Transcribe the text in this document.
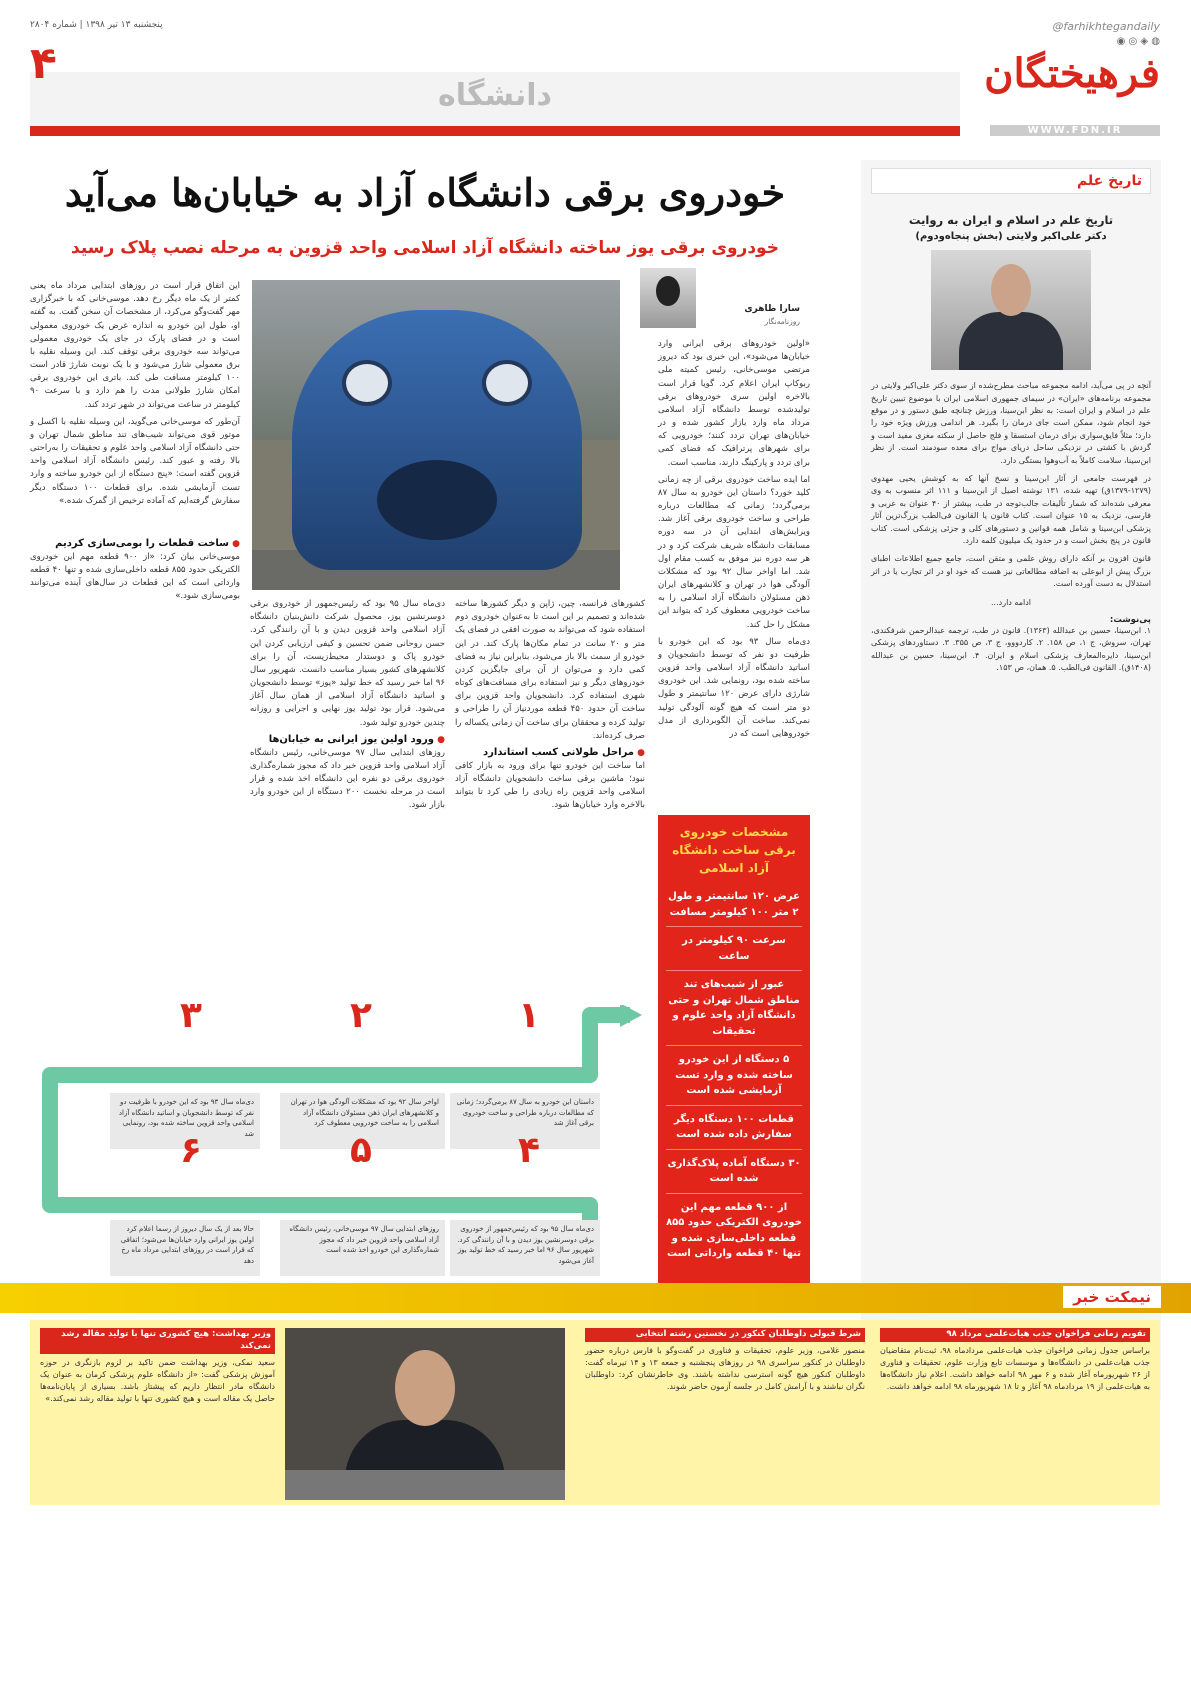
@farhikhtegandaily
◉ ◎ ◈ ◍
فرهیختگان
WWW.FDN.IR
دانشگاه
پنجشنبه ۱۳ تیر ۱۳۹۸ | شماره ۲۸۰۴
۴
تاریخ علم
تاریخ علم در اسلام و ایران به روایت
دکتر علی‌اکبر ولایتی (بخش پنجاه‌ودوم)

آنچه در پی می‌آید، ادامه مجموعه مباحث مطرح‌شده از سوی دکتر علی‌اکبر ولایتی در مجموعه برنامه‌های «ایران» در سیمای جمهوری اسلامی ایران با موضوع تبیین تاریخ علم در اسلام و ایران است: به نظر ابن‌سینا، ورزش چنانچه طبق دستور و در موقع خود انجام شود، ممکن است جای درمان را بگیرد. هر اندامی ورزش ویژه خود را دارد؛ مثلاً فایق‌سواری برای درمان استسقا و فلج حاصل از سکته مغزی مفید است و گردش با کشتی در نزدیکی ساحل دریای مواج برای معده سودمند است. از نظر ابن‌سینا، سلامت کاملاً به آب‌وهوا بستگی دارد.

در فهرست جامعی از آثار ابن‌سینا و نسخ آنها که به کوشش یحیی مهدوی (۱۲۷۹-۱۳۷۹ق) تهیه شده، ۱۳۱ نوشته اصیل از ابن‌سینا و ۱۱۱ اثر منسوب به وی معرفی شده‌اند که شمار تألیفات جالب‌توجه در طب، بیشتر از ۴۰ عنوان به عربی و فارسی، نزدیک به ۱۵ عنوان است. کتاب قانون یا القانون فی‌الطب بزرگ‌ترین آثار پزشکی ابن‌سینا و شامل همه قوانین و دستورهای کلی و جزئی پزشکی است. کتاب قانون در پنج بخش است و در حدود یک میلیون کلمه دارد.

قانون افزون بر آنکه دارای روش علمی و متقن است، جامع جمیع اطلاعات اطبای بزرگ پیش از ابوعلی به اضافه مطالعاتی نیز هست که خود او در اثر تجارب یا در اثر استدلال به دست آورده است.

ادامه دارد...

پی‌نوشت:

۱. ابن‌سینا، حسین بن عبدالله (۱۳۶۳). قانون در طب، ترجمه عبدالرحمن شرفکندی، تهران، سروش، ج ۱، ص ۱۵۸. ۲. کاردووو، ج ۳، ص ۳۵۵. ۳. دستاوردهای پزشکی ابن‌سینا، دایره‌المعارف پزشکی اسلام و ایران. ۴. ابن‌سینا، حسین بن عبدالله (۱۴۰۸ق). القانون فی‌الطب. ۵. همان، ص ۱۵۳.

خودروی برقی دانشگاه آزاد به خیابان‌ها می‌آید
خودروی برقی یوز ساخته دانشگاه آزاد اسلامی واحد قزوین به مرحله نصب پلاک رسید
سارا طاهری
روزنامه‌نگار

«اولین خودروهای برقی ایرانی وارد خیابان‌ها می‌شود»، این خبری بود که دیروز مرتضی موسی‌خانی، رئیس کمیته ملی ربوکاپ ایران اعلام کرد. گویا قرار است بالاخره اولین سری خودروهای برقی تولیدشده توسط دانشگاه آزاد اسلامی مرداد ماه وارد بازار کشور شده و در خیابان‌های تهران تردد کنند؛ خودرویی که برای شهرهای پرترافیک که فضای کمی برای تردد و پارکینگ دارند، مناسب است.

اما ایده ساخت خودروی برقی از چه زمانی کلید خورد؟ داستان این خودرو به سال ۸۷ برمی‌گردد؛ زمانی که مطالعات درباره طراحی و ساخت خودروی برقی آغاز شد. ویرایش‌های ابتدایی آن در سه دوره مسابقات دانشگاه شریف شرکت کرد و در هر سه دوره نیز موفق به کسب مقام اول شد. اما اواخر سال ۹۲ بود که مشکلات آلودگی هوا در تهران و کلانشهرهای ایران ذهن مسئولان دانشگاه آزاد اسلامی را به ساخت خودرویی معطوف کرد که بتواند این مشکل را حل کند.

دی‌ماه سال ۹۳ بود که این خودرو با ظرفیت دو نفر که توسط دانشجویان و اساتید دانشگاه آزاد اسلامی واحد قزوین ساخته شده بود، رونمایی شد. این خودروی شارژی دارای عرض ۱۲۰ سانتیمتر و طول دو متر است که هیچ گونه آلودگی تولید نمی‌کند. ساخت آن الگوبرداری از مدل خودروهایی است که در

کشورهای فرانسه، چین، ژاپن و دیگر کشورها ساخته شده‌اند و تصمیم بر این است تا به‌عنوان خودروی دوم استفاده شود که می‌تواند به صورت افقی در فضای یک متر و ۲۰ سانت در تمام مکان‌ها پارک کند. در این خودرو از سمت بالا باز می‌شود، بنابراین نیاز به فضای کمی دارد و می‌توان از آن برای جایگزین کردن خودروهای دیگر و نیز استفاده برای مسافت‌های کوتاه شهری استفاده کرد. دانشجویان واحد قزوین برای ساخت آن حدود ۴۵۰ قطعه موردنیاز آن را طراحی و تولید کرده و محققان برای ساخت آن زمانی یکساله را صرف کرده‌اند.

● مراحل طولانی کسب استاندارد

اما ساخت این خودرو تنها برای ورود به بازار کافی نبود؛ ماشین برقی ساخت دانشجویان دانشگاه آزاد اسلامی واحد قزوین راه زیادی را طی کرد تا بتواند بالاخره وارد خیابان‌ها شود.

دی‌ماه سال ۹۵ بود که رئیس‌جمهور از خودروی برقی دوسرنشین یوز، محصول شرکت دانش‌بنیان دانشگاه آزاد اسلامی واحد قزوین دیدن و با آن رانندگی کرد. حسن روحانی ضمن تحسین و کیفی ارزیابی کردن این خودرو پاک و دوستدار محیط‌زیست، آن را برای کلانشهرهای کشور بسیار مناسب دانست. شهریور سال ۹۶ اما خبر رسید که خط تولید «یوز» توسط دانشجویان و اساتید دانشگاه آزاد اسلامی از همان سال آغاز می‌شود. قرار بود تولید یوز نهایی و اجرایی و روزانه چندین خودرو تولید شود.

● ورود اولین یوز ایرانی به خیابان‌ها

روزهای ابتدایی سال ۹۷ موسی‌خانی، رئیس دانشگاه آزاد اسلامی واحد قزوین خبر داد که مجوز شماره‌گذاری خودروی برقی دو نفره این دانشگاه اخذ شده و قرار است در مرحله نخست ۲۰۰ دستگاه از این خودرو وارد بازار شود.

این اتفاق قرار است در روزهای ابتدایی مرداد ماه یعنی کمتر از یک ماه دیگر رخ دهد. موسی‌خانی که با خبرگزاری مهر گفت‌وگو می‌کرد، از مشخصات آن سخن گفت. به گفته او، طول این خودرو به اندازه عرض یک خودروی معمولی است و در فضای پارک در جای یک خودروی معمولی می‌تواند سه خودروی برقی توقف کند. این وسیله نقلیه با برق معمولی شارژ می‌شود و با یک نوبت شارژ قادر است ۱۰۰ کیلومتر مسافت طی کند. باتری این خودروی برقی امکان شارژ طولانی مدت را هم دارد و با سرعت ۹۰ کیلومتر در ساعت می‌تواند در شهر تردد کند.

آن‌طور که موسی‌خانی می‌گوید، این وسیله نقلیه با اکسل و موتور قوی می‌تواند شیب‌های تند مناطق شمال تهران و حتی دانشگاه آزاد اسلامی واحد علوم و تحقیقات را به‌راحتی بالا رفته و عبور کند. رئیس دانشگاه آزاد اسلامی واحد قزوین گفته است: «پنج دستگاه از این خودرو ساخته و وارد تست آزمایشی شده. برای قطعات ۱۰۰ دستگاه دیگر سفارش گرفته‌ایم که آماده ترخیص از گمرک شده.»

● ساخت قطعات را بومی‌سازی کردیم

موسی‌خانی بیان کرد: «از ۹۰۰ قطعه مهم این خودروی الکتریکی حدود ۸۵۵ قطعه داخلی‌سازی شده و تنها ۴۰ قطعه وارداتی است که این قطعات در سال‌های آینده می‌توانند بومی‌سازی شود.»

مشخصات خودروی برقی ساخت دانشگاه آزاد اسلامی
عرض ۱۲۰ سانتیمتر و طول ۲ متر ۱۰۰ کیلومتر مسافت
سرعت ۹۰ کیلومتر در ساعت
عبور از شیب‌های تند مناطق شمال تهران و حتی دانشگاه آزاد واحد علوم و تحقیقات
۵ دستگاه از این خودرو ساخته شده و وارد تست آزمایشی شده است
قطعات ۱۰۰ دستگاه دیگر سفارش داده شده است
۳۰ دستگاه آماده پلاک‌گذاری شده است
از ۹۰۰ قطعه مهم این خودروی الکتریکی حدود ۸۵۵ قطعه داخلی‌سازی شده و تنها ۴۰ قطعه وارداتی است
۱
۲
۳
داستان این خودرو به سال ۸۷ برمی‌گردد؛ زمانی که مطالعات درباره طراحی و ساخت خودروی برقی آغاز شد
اواخر سال ۹۲ بود که مشکلات آلودگی هوا در تهران و کلانشهرهای ایران ذهن مسئولان دانشگاه آزاد اسلامی را به ساخت خودرویی معطوف کرد
دی‌ماه سال ۹۳ بود که این خودرو با ظرفیت دو نفر که توسط دانشجویان و اساتید دانشگاه آزاد اسلامی واحد قزوین ساخته شده بود، رونمایی شد
◀◀
◀◀
۴
۵
۶
▶▶
▶▶
دی‌ماه سال ۹۵ بود که رئیس‌جمهور از خودروی برقی دوسرنشین یوز دیدن و با آن رانندگی کرد. شهریور سال ۹۶ اما خبر رسید که خط تولید یوز آغاز می‌شود
روزهای ابتدایی سال ۹۷ موسی‌خانی، رئیس دانشگاه آزاد اسلامی واحد قزوین خبر داد که مجوز شماره‌گذاری این خودرو اخذ شده است
حالا بعد از یک سال دیروز از رسما اعلام کرد اولین یوز ایرانی وارد خیابان‌ها می‌شود؛ اتفاقی که قرار است در روزهای ابتدایی مرداد ماه رخ دهد
نیمکت خبر
تقویم زمانی فراخوان جذب هیات‌علمی مرداد ۹۸

براساس جدول زمانی فراخوان جذب هیات‌علمی مردادماه ۹۸، ثبت‌نام متقاضیان جذب هیات‌علمی در دانشگاه‌ها و موسسات تابع وزارت علوم، تحقیقات و فناوری از ۲۶ شهریورماه آغاز شده و ۶ مهر ۹۸ ادامه خواهد داشت. اعلام نیاز دانشگاه‌ها به هیات‌علمی از ۱۹ مردادماه ۹۸ آغاز و تا ۱۸ شهریورماه ۹۸ ادامه خواهد داشت.

شرط قبولی داوطلبان کنکور در نخستین رشته انتخابی

منصور غلامی، وزیر علوم، تحقیقات و فناوری در گفت‌وگو با فارس درباره حضور داوطلبان در کنکور سراسری ۹۸ در روزهای پنجشنبه و جمعه ۱۳ و ۱۴ تیرماه گفت: داوطلبان کنکور هیچ گونه استرسی نداشته باشند. وی خاطرنشان کرد: داوطلبان نگران نباشند و با آرامش کامل در جلسه آزمون حاضر شوند.

وزیر بهداشت: هیچ کشوری تنها با تولید مقاله رشد نمی‌کند

سعید نمکی، وزیر بهداشت ضمن تاکید بر لزوم بازنگری در حوزه آموزش پزشکی گفت: «از دانشگاه علوم پزشکی کرمان به عنوان یک دانشگاه مادر انتظار داریم که پیشتاز باشد. بسیاری از پایان‌نامه‌ها حاصل یک مقاله است و هیچ کشوری تنها با تولید مقاله رشد نمی‌کند.»
